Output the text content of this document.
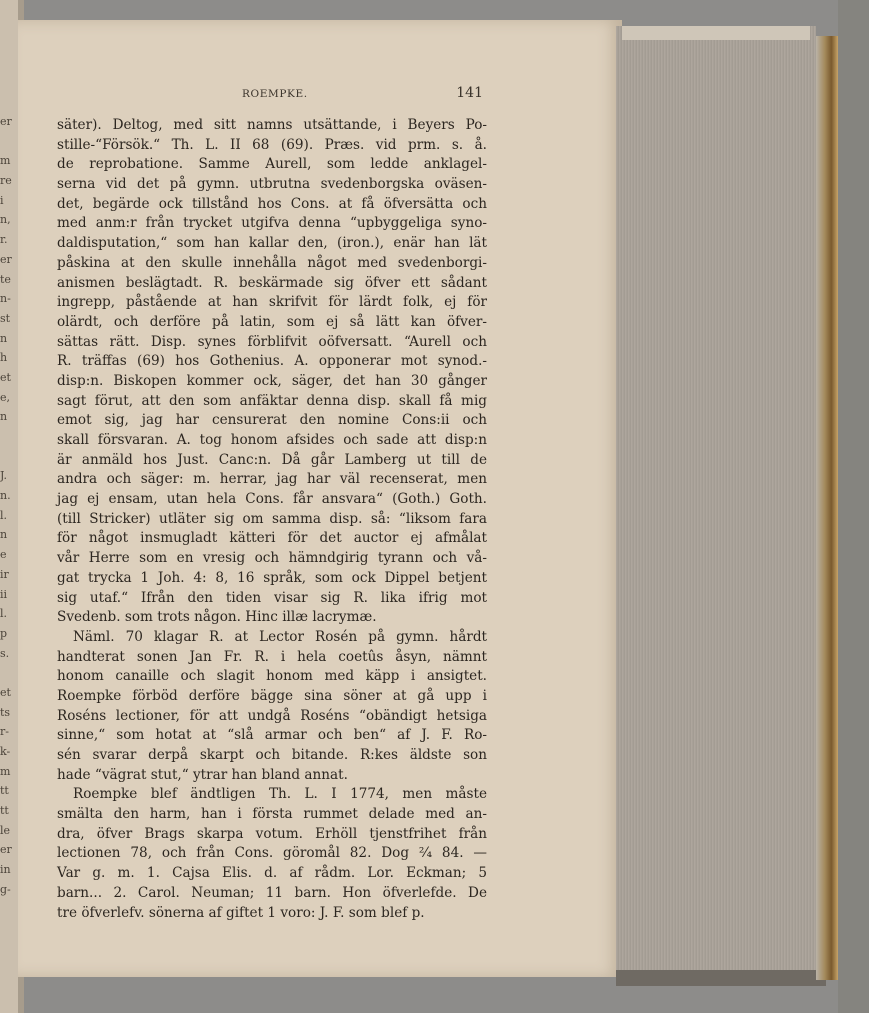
er
m
re
i
n,
r.
er
te
n-
st
n
h
et
e,
n
J.
n.
l.
n
e
ir
ii
l.
p
s.
et
ts
r-
k-
m
tt
tt
le
er
in
g-
ROEMPKE.	141
säter). Deltog, med sitt namns utsättande, i Beyers Po-
stille-“Försök.“ Th. L. II 68 (69). Præs. vid prm. s. å.
de reprobatione. Samme Aurell, som ledde anklagel-
serna vid det på gymn. utbrutna svedenborgska oväsen-
det, begärde ock tillstånd hos Cons. at få öfversätta och
med anm:r från trycket utgifva denna “upbyggeliga syno-
daldisputation,“ som han kallar den, (iron.), enär han lät
påskina at den skulle innehålla något med svedenborgi-
anismen beslägtadt. R. beskärmade sig öfver ett sådant
ingrepp, påstående at han skrifvit för lärdt folk, ej för
olärdt, och derföre på latin, som ej så lätt kan öfver-
sättas rätt. Disp. synes förblifvit oöfversatt. “Aurell och
R. träffas (69) hos Gothenius. A. opponerar mot synod.-
disp:n. Biskopen kommer ock, säger, det han 30 gånger
sagt förut, att den som anfäktar denna disp. skall få mig
emot sig, jag har censurerat den nomine Cons:ii och
skall försvaran. A. tog honom afsides och sade att disp:n
är anmäld hos Just. Canc:n. Då går Lamberg ut till de
andra och säger: m. herrar, jag har väl recenserat, men
jag ej ensam, utan hela Cons. får ansvara“ (Goth.) Goth.
(till Stricker) utläter sig om samma disp. så: “liksom fara
för något insmugladt kätteri för det auctor ej afmålat
vår Herre som en vresig och hämndgirig tyrann och vå-
gat trycka 1 Joh. 4: 8, 16 språk, som ock Dippel betjent
sig utaf.“ Ifrån den tiden visar sig R. lika ifrig mot
Svedenb. som trots någon. Hinc illæ lacrymæ.
Näml. 70 klagar R. at Lector Rosén på gymn. hårdt
handterat sonen Jan Fr. R. i hela coetûs åsyn, nämnt
honom canaille och slagit honom med käpp i ansigtet.
Roempke förböd derföre bägge sina söner at gå upp i
Roséns lectioner, för att undgå Roséns “obändigt hetsiga
sinne,“ som hotat at “slå armar och ben“ af J. F. Ro-
sén svarar derpå skarpt och bitande. R:kes äldste son
hade “vägrat stut,“ ytrar han bland annat.
Roempke blef ändtligen Th. L. I 1774, men måste
smälta den harm, han i första rummet delade med an-
dra, öfver Brags skarpa votum. Erhöll tjenstfrihet från
lectionen 78, och från Cons. göromål 82. Dog ²⁄₄ 84. —
Var g. m. 1. Cajsa Elis. d. af rådm. Lor. Eckman; 5
barn... 2. Carol. Neuman; 11 barn. Hon öfverlefde. De
tre öfverlefv. sönerna af giftet 1 voro: J. F. som blef p.
